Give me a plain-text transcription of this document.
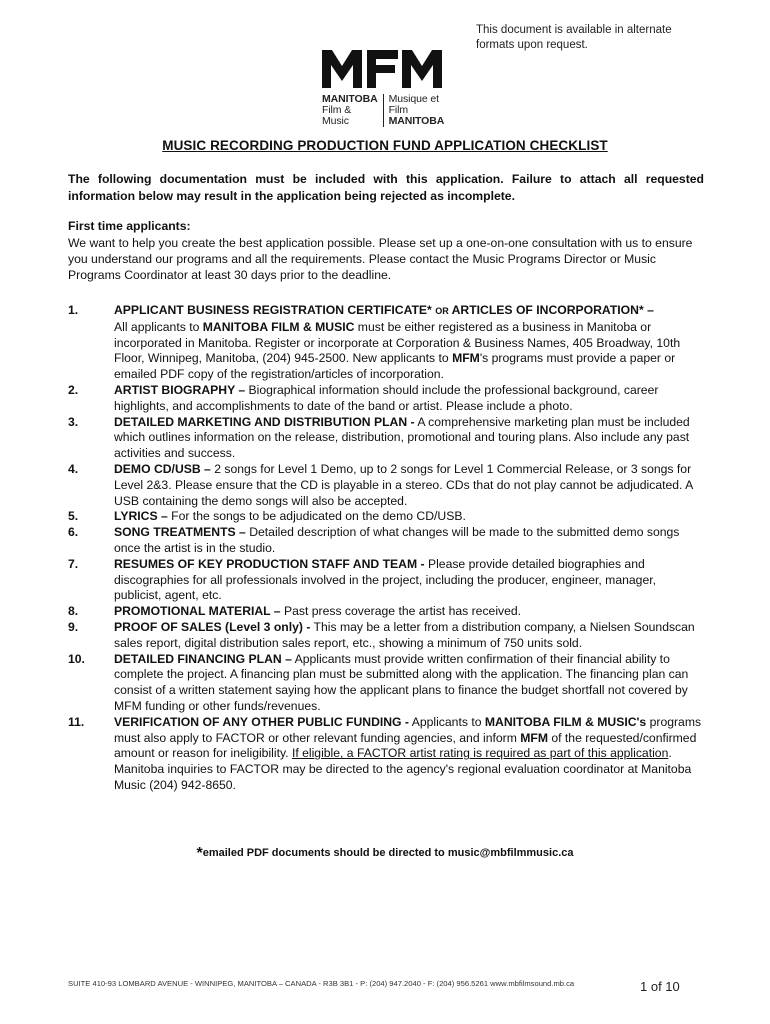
This document is available in alternate formats upon request.
MANITOBA
Film & Music
Musique et Film
MANITOBA
MUSIC RECORDING PRODUCTION FUND APPLICATION CHECKLIST
The following documentation must be included with this application. Failure to attach all requested information below may result in the application being rejected as incomplete.
First time applicants:
We want to help you create the best application possible. Please set up a one-on-one consultation with us to ensure you understand our programs and all the requirements. Please contact the Music Programs Director or Music Programs Coordinator at least 30 days prior to the deadline.
1.	APPLICANT BUSINESS REGISTRATION CERTIFICATE* OR ARTICLES OF INCORPORATION* –
All applicants to MANITOBA FILM & MUSIC must be either registered as a business in Manitoba or incorporated in Manitoba. Register or incorporate at Corporation & Business Names, 405 Broadway, 10th Floor, Winnipeg, Manitoba, (204) 945-2500. New applicants to MFM's programs must provide a paper or emailed PDF copy of the registration/articles of incorporation.
2.	ARTIST BIOGRAPHY – Biographical information should include the professional background, career highlights, and accomplishments to date of the band or artist. Please include a photo.
3.	DETAILED MARKETING AND DISTRIBUTION PLAN - A comprehensive marketing plan must be included which outlines information on the release, distribution, promotional and touring plans. Also include any past activities and success.
4.	DEMO CD/USB – 2 songs for Level 1 Demo, up to 2 songs for Level 1 Commercial Release, or 3 songs for Level 2&3. Please ensure that the CD is playable in a stereo. CDs that do not play cannot be adjudicated. A USB containing the demo songs will also be accepted.
5.	LYRICS – For the songs to be adjudicated on the demo CD/USB.
6.	SONG TREATMENTS – Detailed description of what changes will be made to the submitted demo songs once the artist is in the studio.
7.	RESUMES OF KEY PRODUCTION STAFF AND TEAM - Please provide detailed biographies and discographies for all professionals involved in the project, including the producer, engineer, manager, publicist, agent, etc.
8.	PROMOTIONAL MATERIAL – Past press coverage the artist has received.
9.	PROOF OF SALES (Level 3 only) - This may be a letter from a distribution company, a Nielsen Soundscan sales report, digital distribution sales report, etc., showing a minimum of 750 units sold.
10.	DETAILED FINANCING PLAN – Applicants must provide written confirmation of their financial ability to complete the project. A financing plan must be submitted along with the application. The financing plan can consist of a written statement saying how the applicant plans to finance the budget shortfall not covered by MFM funding or other funds/revenues.
11.	VERIFICATION OF ANY OTHER PUBLIC FUNDING - Applicants to MANITOBA FILM & MUSIC's programs must also apply to FACTOR or other relevant funding agencies, and inform MFM of the requested/confirmed amount or reason for ineligibility. If eligible, a FACTOR artist rating is required as part of this application. Manitoba inquiries to FACTOR may be directed to the agency's regional evaluation coordinator at Manitoba Music (204) 942-8650.
*emailed PDF documents should be directed to music@mbfilmmusic.ca
SUITE 410-93 LOMBARD AVENUE - WINNIPEG, MANITOBA – CANADA - R3B 3B1 - P: (204) 947.2040 - F: (204) 956.5261 www.mbfilmsound.mb.ca	1 of 10
